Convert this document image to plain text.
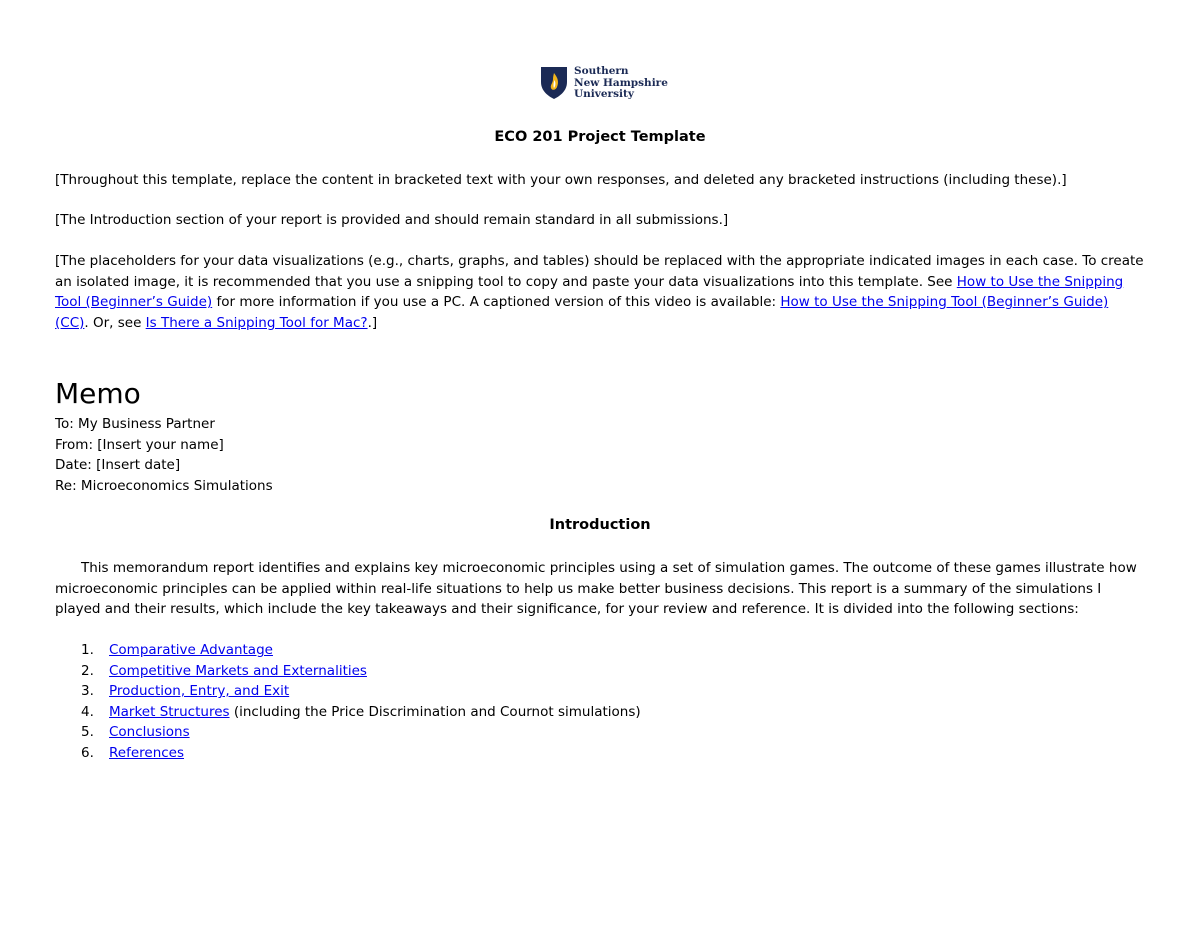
Southern
New Hampshire
University
ECO 201 Project Template

[Throughout this template, replace the content in bracketed text with your own responses, and deleted any bracketed instructions (including these).]

[The Introduction section of your report is provided and should remain standard in all submissions.]

[The placeholders for your data visualizations (e.g., charts, graphs, and tables) should be replaced with the appropriate indicated images in each case. To create an isolated image, it is recommended that you use a snipping tool to copy and paste your data visualizations into this template. See How to Use the Snipping Tool (Beginner’s Guide) for more information if you use a PC. A captioned version of this video is available: How to Use the Snipping Tool (Beginner’s Guide) (CC). Or, see Is There a Snipping Tool for Mac?.]

Memo
To: My Business Partner
From: [Insert your name]
Date: [Insert date]
Re: Microeconomics Simulations
Introduction

This memorandum report identifies and explains key microeconomic principles using a set of simulation games. The outcome of these games illustrate how microeconomic principles can be applied within real-life situations to help us make better business decisions. This report is a summary of the simulations I played and their results, which include the key takeaways and their significance, for your review and reference. It is divided into the following sections:

1.	Comparative Advantage
2.	Competitive Markets and Externalities
3.	Production, Entry, and Exit
4.	Market Structures (including the Price Discrimination and Cournot simulations)
5.	Conclusions
6.	References
